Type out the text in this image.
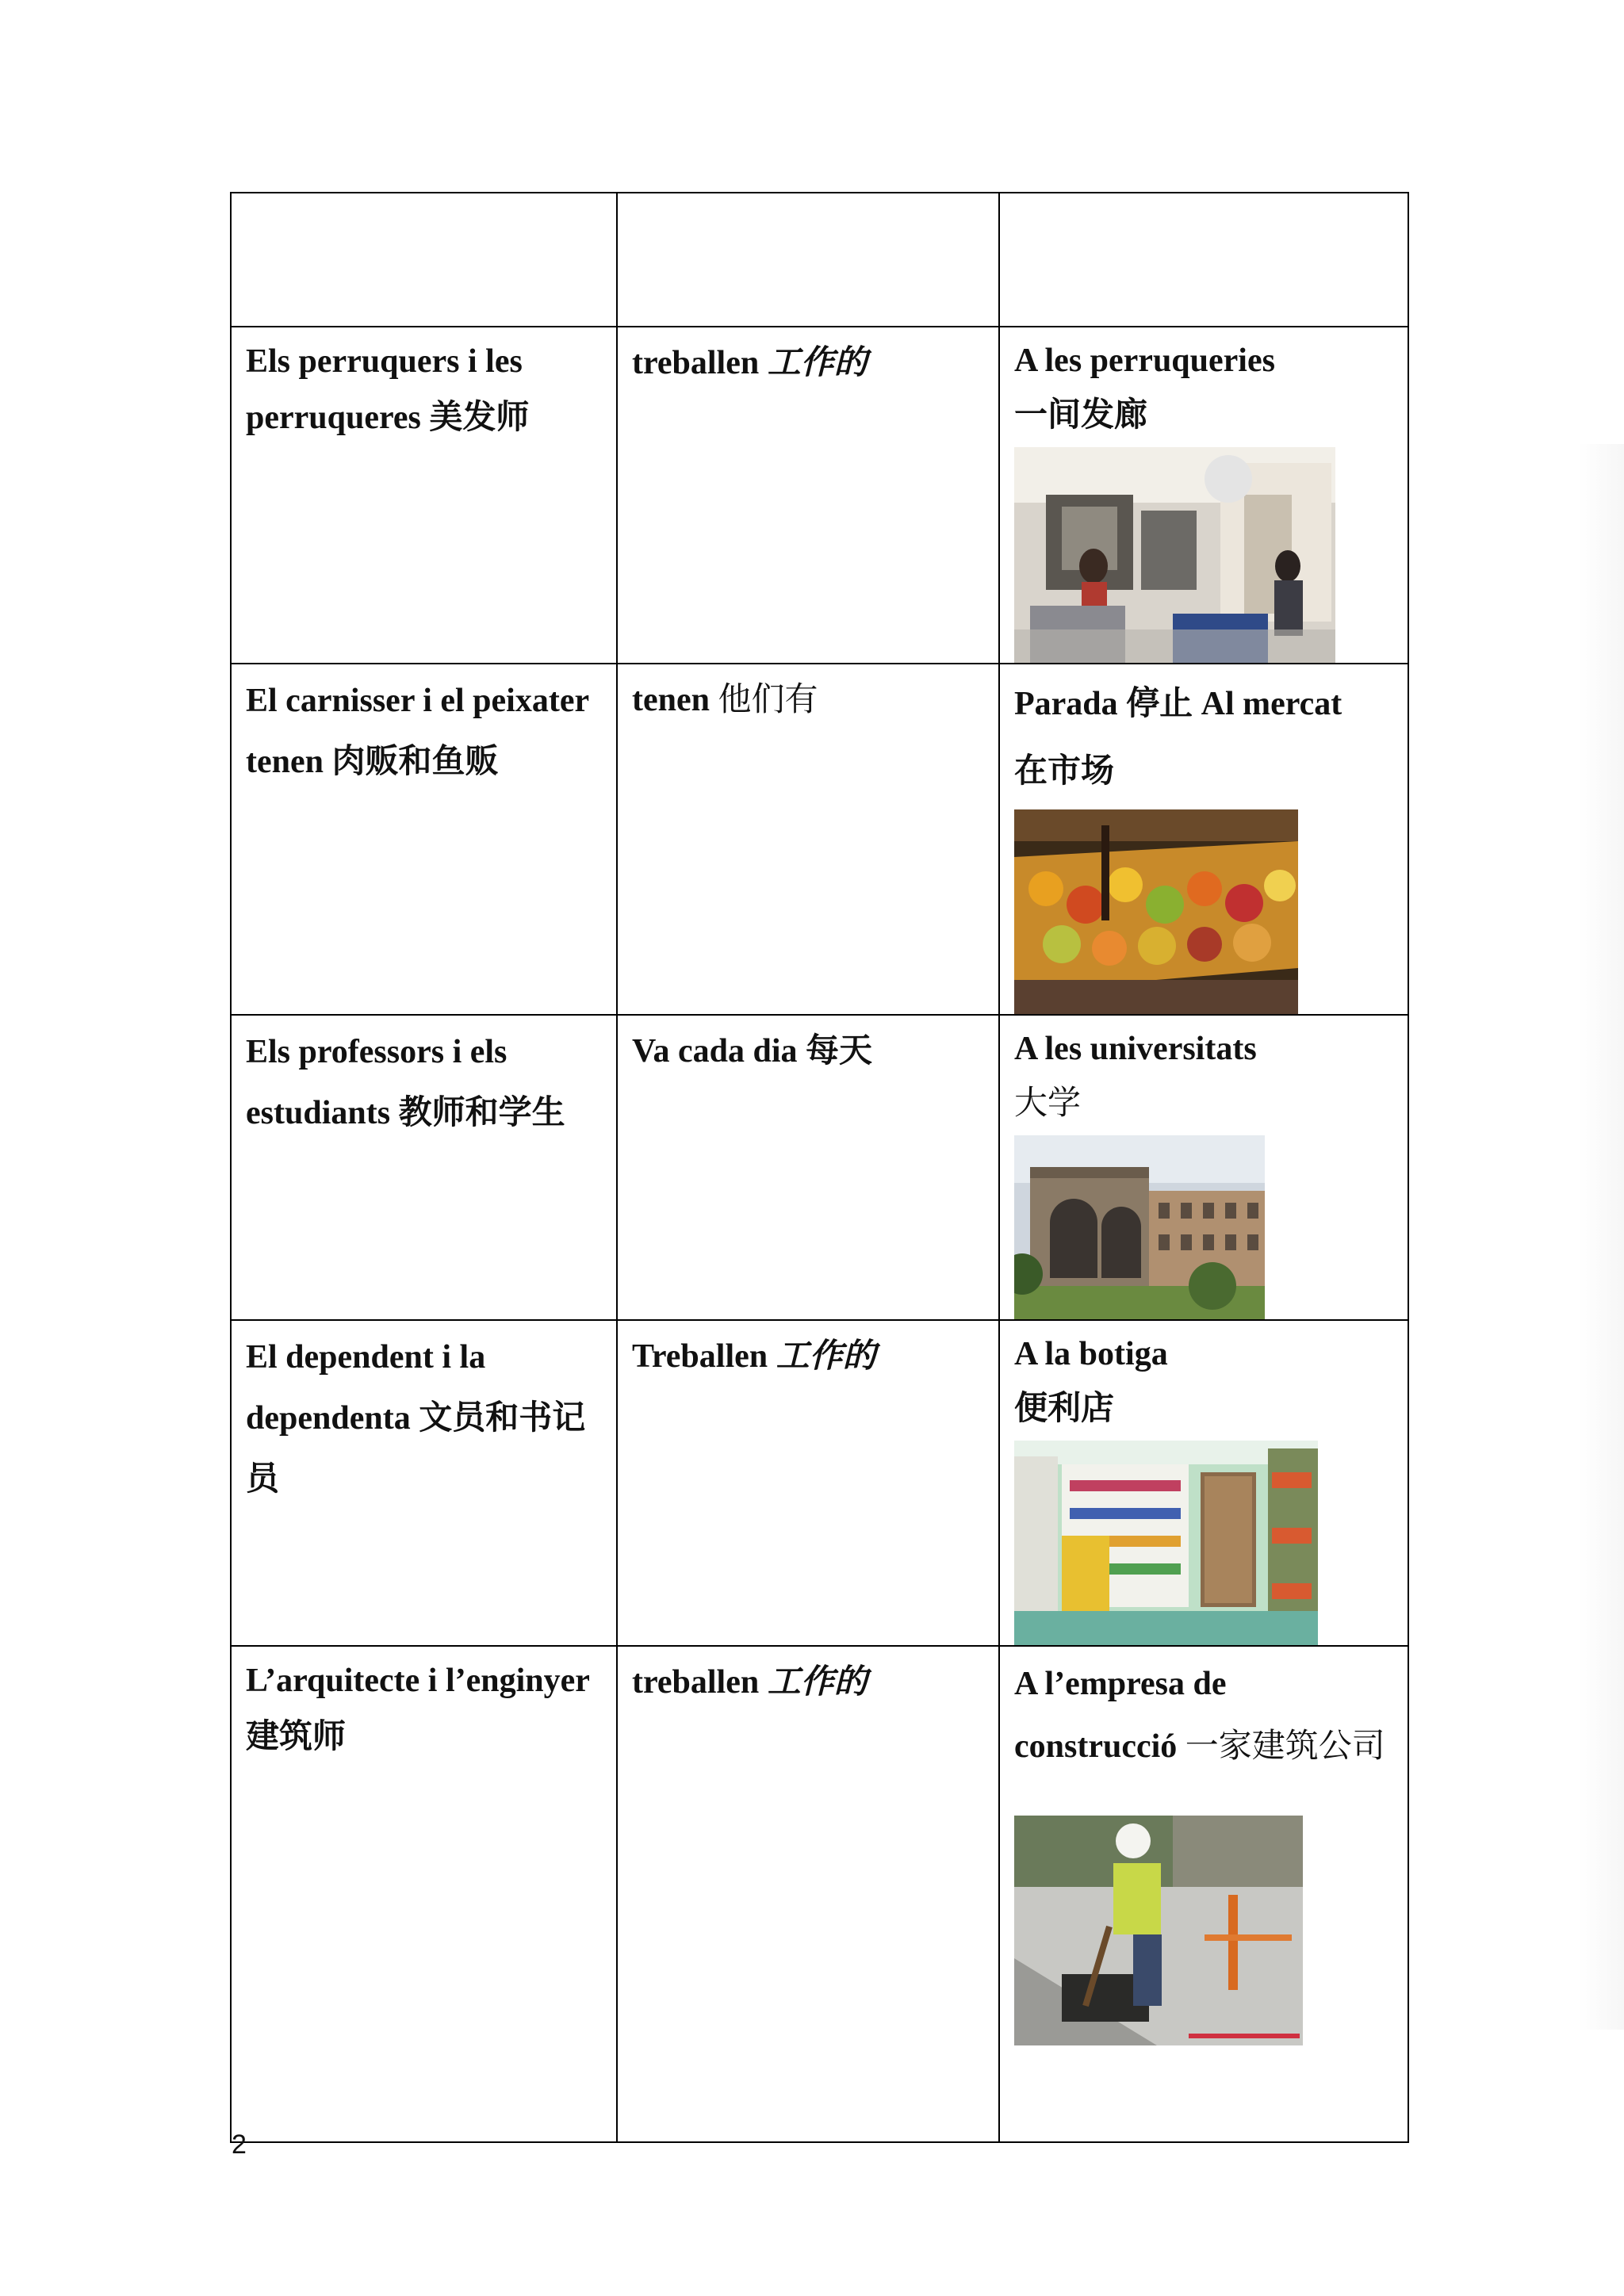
Els perruquers i les perruqueres 美发师	treballen 工作的	A les perruqueries
一间发廊

El carnisser i el peixater tenen 肉贩和鱼贩	tenen 他们有	Parada 停止 Al mercat
在市场

Els professors i els estudiants 教师和学生	Va cada dia 每天	A les universitats
大学

El dependent i la dependenta 文员和书记员	Treballen 工作的	A la botiga
便利店

L’arquitecte i l’enginyer 建筑师	treballen 工作的	A l’empresa de construcció 一家建筑公司
2
